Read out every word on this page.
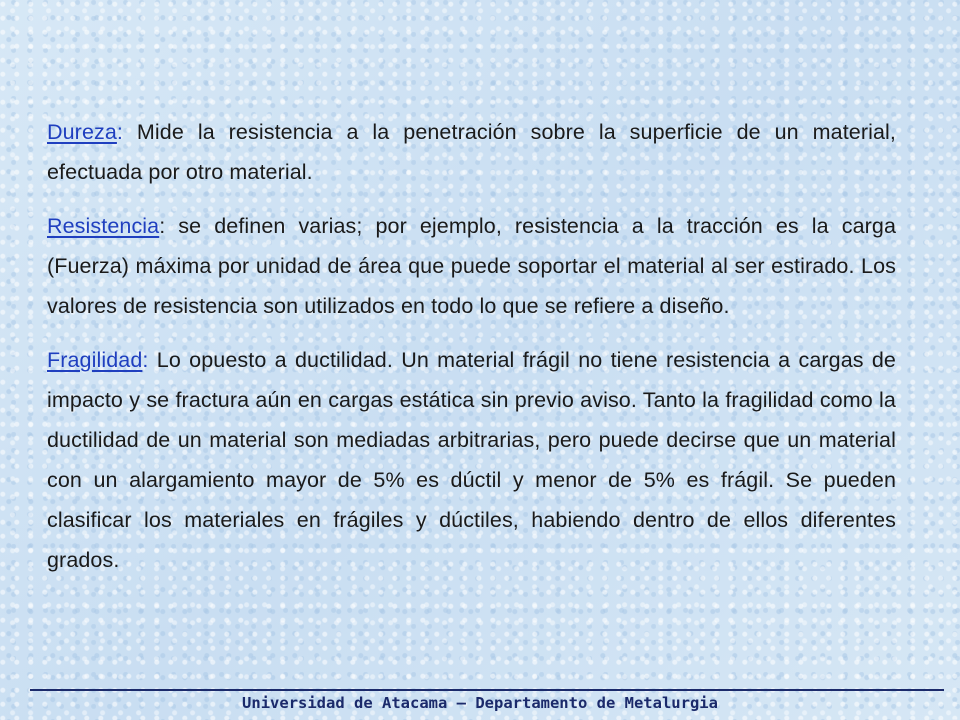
Dureza: Mide la resistencia a la penetración sobre la superficie de un material, efectuada por otro material.

Resistencia: se definen varias; por ejemplo, resistencia a la tracción es la carga (Fuerza) máxima por unidad de área que puede soportar el material al ser estirado. Los valores de resistencia son utilizados en todo lo que se refiere a diseño.

Fragilidad: Lo opuesto a ductilidad. Un material frágil no tiene resistencia a cargas de impacto y se fractura aún en cargas estática sin previo aviso. Tanto la fragilidad como la ductilidad de un material son mediadas arbitrarias, pero puede decirse que un material con un alargamiento mayor de 5% es dúctil y menor de 5% es frágil. Se pueden clasificar los materiales en frágiles y dúctiles, habiendo dentro de ellos diferentes grados.

Universidad de Atacama – Departamento de Metalurgia
